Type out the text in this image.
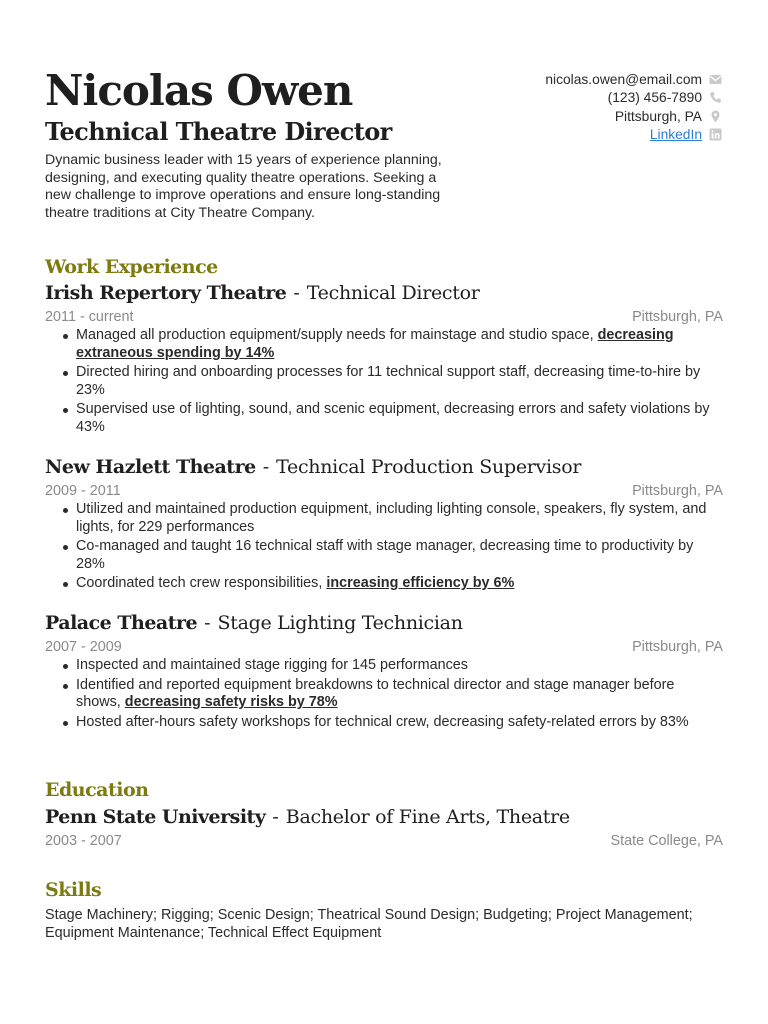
Nicolas Owen
Technical Theatre Director
Dynamic business leader with 15 years of experience planning, designing, and executing quality theatre operations. Seeking a new challenge to improve operations and ensure long-standing theatre traditions at City Theatre Company.
nicolas.owen@email.com
(123) 456-7890
Pittsburgh, PA
LinkedIn
Work Experience
Irish Repertory Theatre - Technical Director
2011 - current	Pittsburgh, PA
Managed all production equipment/supply needs for mainstage and studio space, decreasing extraneous spending by 14%
Directed hiring and onboarding processes for 11 technical support staff, decreasing time-to-hire by 23%
Supervised use of lighting, sound, and scenic equipment, decreasing errors and safety violations by 43%
New Hazlett Theatre - Technical Production Supervisor
2009 - 2011	Pittsburgh, PA
Utilized and maintained production equipment, including lighting console, speakers, fly system, and lights, for 229 performances
Co-managed and taught 16 technical staff with stage manager, decreasing time to productivity by 28%
Coordinated tech crew responsibilities, increasing efficiency by 6%
Palace Theatre - Stage Lighting Technician
2007 - 2009	Pittsburgh, PA
Inspected and maintained stage rigging for 145 performances
Identified and reported equipment breakdowns to technical director and stage manager before shows, decreasing safety risks by 78%
Hosted after-hours safety workshops for technical crew, decreasing safety-related errors by 83%
Education
Penn State University - Bachelor of Fine Arts, Theatre
2003 - 2007	State College, PA
Skills
Stage Machinery; Rigging; Scenic Design; Theatrical Sound Design; Budgeting; Project Management; Equipment Maintenance; Technical Effect Equipment
